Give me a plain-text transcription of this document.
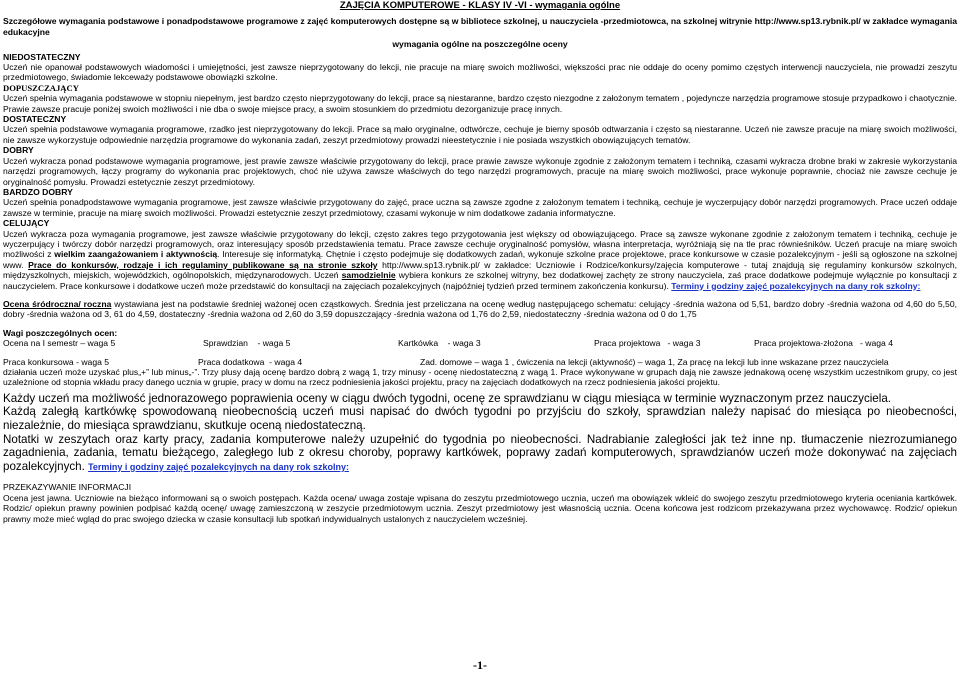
ZAJĘCIA KOMPUTEROWE - KLASY IV -VI - wymagania ogólne
Szczegółowe wymagania podstawowe i ponadpodstawowe programowe z zajęć komputerowych dostępne są w bibliotece szkolnej, u nauczyciela -przedmiotowca, na szkolnej witrynie http://www.sp13.rybnik.pl/ w zakładce wymagania edukacyjne
wymagania ogólne na poszczególne oceny
NIEDOSTATECZNY
Uczeń nie opanował podstawowych wiadomości i umiejętności, jest zawsze nieprzygotowany do lekcji, nie pracuje na miarę swoich możliwości, większości prac nie oddaje do oceny pomimo częstych interwencji nauczyciela, nie prowadzi zeszytu przedmiotowego, świadomie lekceważy podstawowe obowiązki szkolne.
DOPUSZCZAJĄCY
Uczeń spełnia wymagania podstawowe w stopniu niepełnym, jest bardzo często nieprzygotowany do lekcji, prace są niestaranne, bardzo często niezgodne z założonym tematem , pojedyncze narzędzia programowe stosuje przypadkowo i chaotycznie. Prawie zawsze pracuje poniżej swoich możliwości i nie dba o swoje miejsce pracy, a swoim stosunkiem do przedmiotu dezorganizuje pracę innych.
DOSTATECZNY
Uczeń spełnia podstawowe wymagania programowe, rzadko jest nieprzygotowany do lekcji. Prace są mało oryginalne, odtwórcze, cechuje je bierny sposób odtwarzania i często są niestaranne. Uczeń nie zawsze pracuje na miarę swoich możliwości, nie zawsze wykorzystuje odpowiednie narzędzia programowe do wykonania zadań, zeszyt przedmiotowy prowadzi nieestetycznie i nie posiada wszystkich obowiązujących tematów.
DOBRY
Uczeń wykracza ponad podstawowe wymagania programowe, jest prawie zawsze właściwie przygotowany do lekcji, prace prawie zawsze wykonuje zgodnie z założonym tematem i techniką, czasami wykracza drobne braki w zakresie wykorzystania narzędzi programowych, łączy programy do wykonania prac projektowych, choć nie używa zawsze właściwych do tego narzędzi programowych, pracuje na miarę swoich możliwości, prace wykonuje poprawnie, chociaż nie zawsze cechuje je oryginalność pomysłu. Prowadzi estetycznie zeszyt przedmiotowy.
BARDZO DOBRY
Uczeń spełnia ponadpodstawowe wymagania programowe, jest zawsze właściwie przygotowany do zajęć, prace uczna są zawsze zgodne z założonym tematem i techniką, cechuje je wyczerpujący dobór narzędzi programowych. Prace uczeń oddaje zawsze w terminie, pracuje na miarę swoich możliwości. Prowadzi estetycznie zeszyt przedmiotowy, czasami wykonuje w nim dodatkowe zadania informatyczne.
CELUJĄCY
Uczeń wykracza poza wymagania programowe, jest zawsze właściwie przygotowany do lekcji, często zakres tego przygotowania jest większy od obowiązującego. Prace są zawsze wykonane zgodnie z założonym tematem i techniką, cechuje je wyczerpujący i twórczy dobór narzędzi programowych, oraz interesujący sposób przedstawienia tematu. Prace zawsze cechuje oryginalność pomysłów, własna interpretacja, wyróżniają się na tle prac równieśników. Uczeń pracuje na miarę swoich możliwości z wielkim zaangażowaniem i aktywnością. Interesuje się informatyką. Chętnie i często podejmuje się dodatkowych zadań, wykonuje szkolne prace projektowe, prace konkursowe w czasie pozalekcyjnym - jeśli są ogłoszone na szkolnej www. Prace do konkursów, rodzaje i ich regulaminy publikowane są na stronie szkoły http://www.sp13.rybnik.pl/ w zakładce: Uczniowie i Rodzice/konkursy/zajęcia komputerowe - tutaj znajdują się regulaminy konkursów szkolnych, międzyszkolnych, miejskich, wojewódzkich, ogólnopolskich, międzynarodowych. Uczeń samodzielnie wybiera konkurs ze szkolnej witryny, bez dodatkowej zachęty ze strony nauczyciela, zaś prace dodatkowe podejmuje wyłącznie po konsultacji z nauczycielem. Prace konkursowe i dodatkowe uczeń może przedstawić do konsultacji na zajęciach pozalekcyjnych (najpóźniej tydzień przed terminem zakończenia konkursu). Terminy i godziny zajęć pozalekcyjnych na dany rok szkolny:
Ocena śródroczna/ roczna wystawiana jest na podstawie średniej ważonej ocen cząstkowych. Średnia jest przeliczana na ocenę według następującego schematu: celujący -średnia ważona od 5,51, bardzo dobry -średnia ważona od 4,60 do 5,50, dobry -średnia ważona od 3, 61 do 4,59, dostateczny -średnia ważona od 2,60 do 3,59 dopuszczający -średnia ważona od 1,76 do 2,59, niedostateczny -średnia ważona od 0 do 1,75
Wagi poszczególnych ocen:
Ocena na I semestr – waga 5	Sprawdzian    - waga 5	Kartkówka    - waga 3	Praca projektowa   - waga 3	Praca projektowa-złożona   - waga 4
Praca konkursowa - waga 5	Praca dodatkowa  - waga 4	Zad. domowe – waga 1 , ćwiczenia na lekcji (aktywność) – waga 1, Za pracę na lekcji lub inne wskazane przez nauczyciela
działania uczeń może uzyskać plus„+” lub minus„-”. Trzy plusy dają ocenę bardzo dobrą z wagą 1, trzy minusy - ocenę niedostateczną z wagą 1. Prace wykonywane w grupach dają nie zawsze jednakową ocenę wszystkim uczestnikom grupy, co jest uzależnione od stopnia wkładu pracy danego ucznia w grupie, pracy w domu na rzecz podniesienia jakości projektu, pracy na zajęciach dodatkowych na rzecz podniesienia jakości projektu.
Każdy uczeń ma możliwość jednorazowego poprawienia oceny w ciągu dwóch tygodni, ocenę ze sprawdzianu w ciągu miesiąca w terminie wyznaczonym przez nauczyciela.
Każdą zaległą kartkówkę spowodowaną nieobecnością uczeń musi napisać do dwóch tygodni po przyjściu do szkoły, sprawdzian należy napisać do miesiąca po nieobecności, niezależnie, do miesiąca sprawdzianu, skutkuje oceną niedostateczną.
Notatki w zeszytach oraz karty pracy, zadania komputerowe należy uzupełnić do tygodnia po nieobecności. Nadrabianie zaległości jak też inne np. tłumaczenie niezrozumianego zagadnienia, zadania, tematu bieżącego, zaległego lub z okresu choroby, poprawy kartkówek, poprawy zadań komputerowych, sprawdzianów uczeń może dokonywać na zajęciach pozalekcyjnych. Terminy i godziny zajęć pozalekcyjnych na dany rok szkolny:
PRZEKAZYWANIE INFORMACJI
Ocena jest jawna. Uczniowie na bieżąco informowani są o swoich postępach. Każda ocena/ uwaga zostaje wpisana do zeszytu przedmiotowego ucznia, uczeń ma obowiązek wkleić do swojego zeszytu przedmiotowego kryteria oceniania kartkówek. Rodzic/ opiekun prawny powinien podpisać każdą ocenę/ uwagę zamieszczoną w zeszycie przedmiotowym ucznia. Zeszyt przedmiotowy jest własnością ucznia. Ocena końcowa jest rodzicom przekazywana przez wychowawcę. Rodzic/ opiekun prawny może mieć wgląd do prac swojego dziecka w czasie konsultacji lub spotkań indywidualnych ustalonych z nauczycielem wcześniej.
-1-
